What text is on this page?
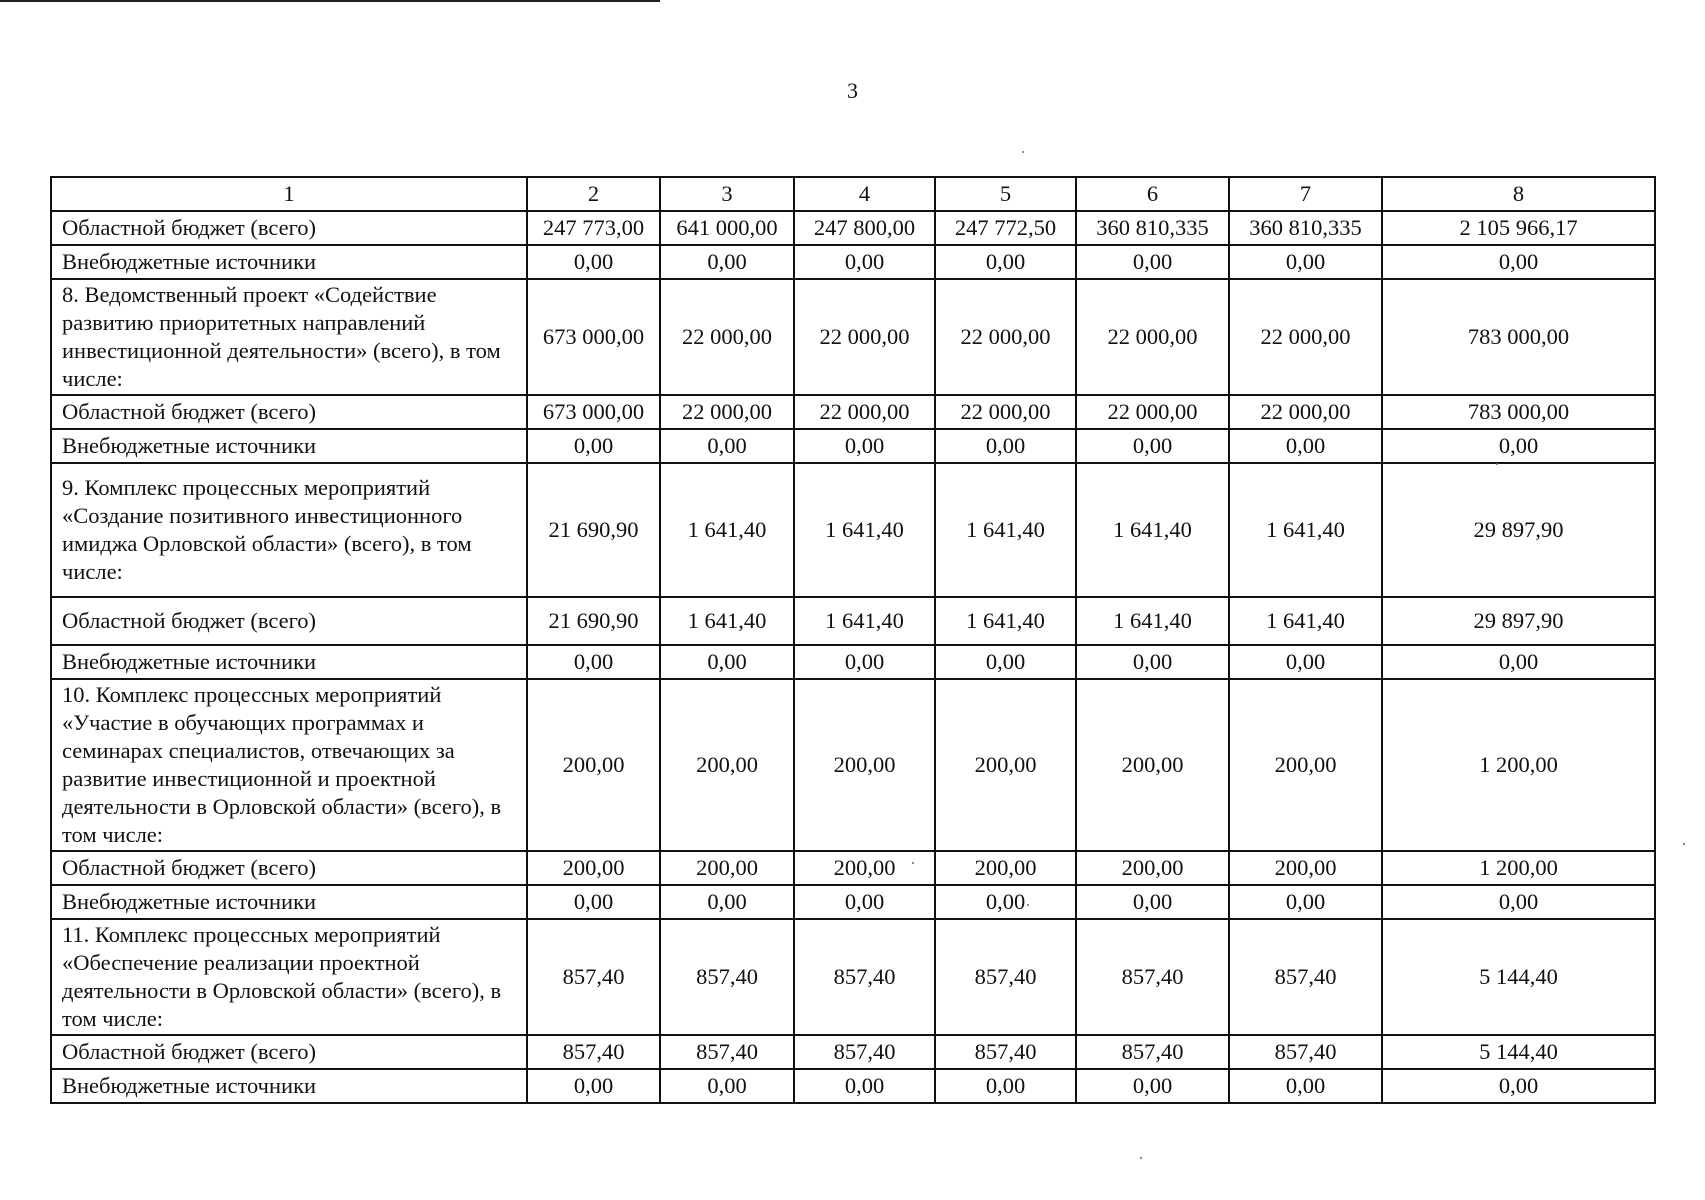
3
1	2	3	4	5	6	7	8
Областной бюджет (всего)	247 773,00	641 000,00	247 800,00	247 772,50	360 810,335	360 810,335	2 105 966,17
Внебюджетные источники	0,00	0,00	0,00	0,00	0,00	0,00	0,00
8. Ведомственный проект «Содействие развитию приоритетных направлений инвестиционной деятельности» (всего), в том числе:	673 000,00	22 000,00	22 000,00	22 000,00	22 000,00	22 000,00	783 000,00
Областной бюджет (всего)	673 000,00	22 000,00	22 000,00	22 000,00	22 000,00	22 000,00	783 000,00
Внебюджетные источники	0,00	0,00	0,00	0,00	0,00	0,00	0,00
9. Комплекс процессных мероприятий «Создание позитивного инвестиционного имиджа Орловской области» (всего), в том числе:	21 690,90	1 641,40	1 641,40	1 641,40	1 641,40	1 641,40	29 897,90
Областной бюджет (всего)	21 690,90	1 641,40	1 641,40	1 641,40	1 641,40	1 641,40	29 897,90
Внебюджетные источники	0,00	0,00	0,00	0,00	0,00	0,00	0,00
10. Комплекс процессных мероприятий «Участие в обучающих программах и семинарах специалистов, отвечающих за развитие инвестиционной и проектной деятельности в Орловской области» (всего), в том числе:	200,00	200,00	200,00	200,00	200,00	200,00	1 200,00
Областной бюджет (всего)	200,00	200,00	200,00	200,00	200,00	200,00	1 200,00
Внебюджетные источники	0,00	0,00	0,00	0,00	0,00	0,00	0,00
11. Комплекс процессных мероприятий «Обеспечение реализации проектной деятельности в Орловской области» (всего), в том числе:	857,40	857,40	857,40	857,40	857,40	857,40	5 144,40
Областной бюджет (всего)	857,40	857,40	857,40	857,40	857,40	857,40	5 144,40
Внебюджетные источники	0,00	0,00	0,00	0,00	0,00	0,00	0,00
